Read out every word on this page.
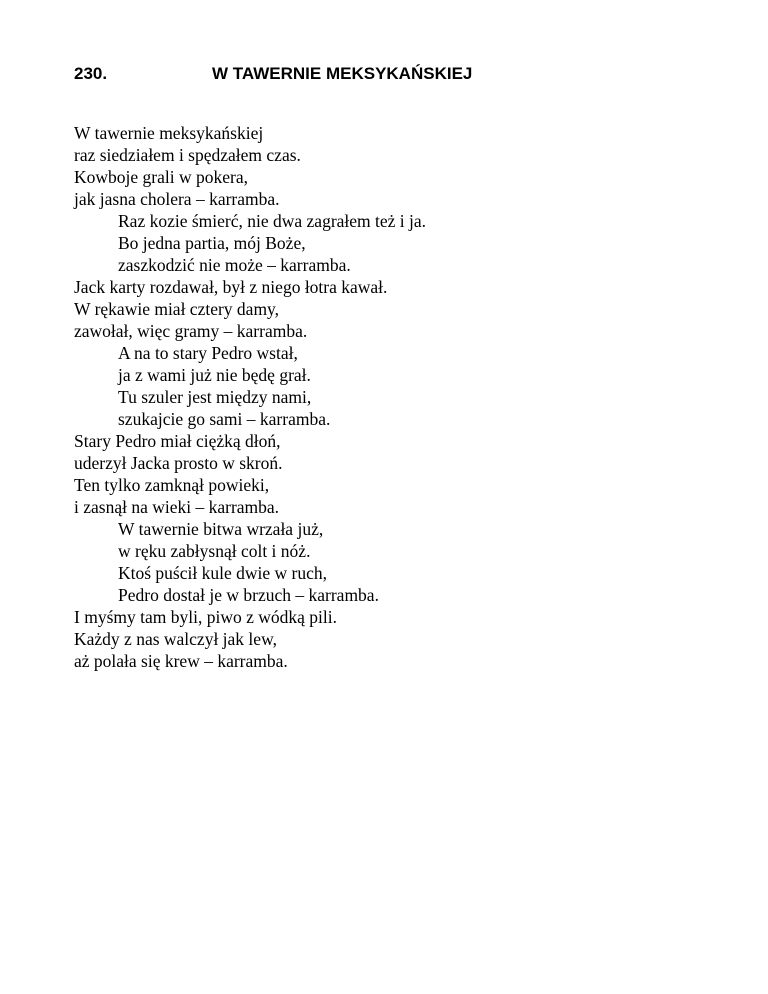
230.	W TAWERNIE MEKSYKAŃSKIEJ
W tawernie meksykańskiej
raz siedziałem i spędzałem czas.
Kowboje grali w pokera,
jak jasna cholera – karramba.
Raz kozie śmierć, nie dwa zagrałem też i ja.
Bo jedna partia, mój Boże,
zaszkodzić nie może – karramba.
Jack karty rozdawał, był z niego łotra kawał.
W rękawie miał cztery damy,
zawołał, więc gramy – karramba.
A na to stary Pedro wstał,
ja z wami już nie będę grał.
Tu szuler jest między nami,
szukajcie go sami – karramba.
Stary Pedro miał ciężką dłoń,
uderzył Jacka prosto w skroń.
Ten tylko zamknął powieki,
i zasnął na wieki – karramba.
W tawernie bitwa wrzała już,
w ręku zabłysnął colt i nóż.
Ktoś puścił kule dwie w ruch,
Pedro dostał je w brzuch – karramba.
I myśmy tam byli, piwo z wódką pili.
Każdy z nas walczył jak lew,
aż polała się krew – karramba.
